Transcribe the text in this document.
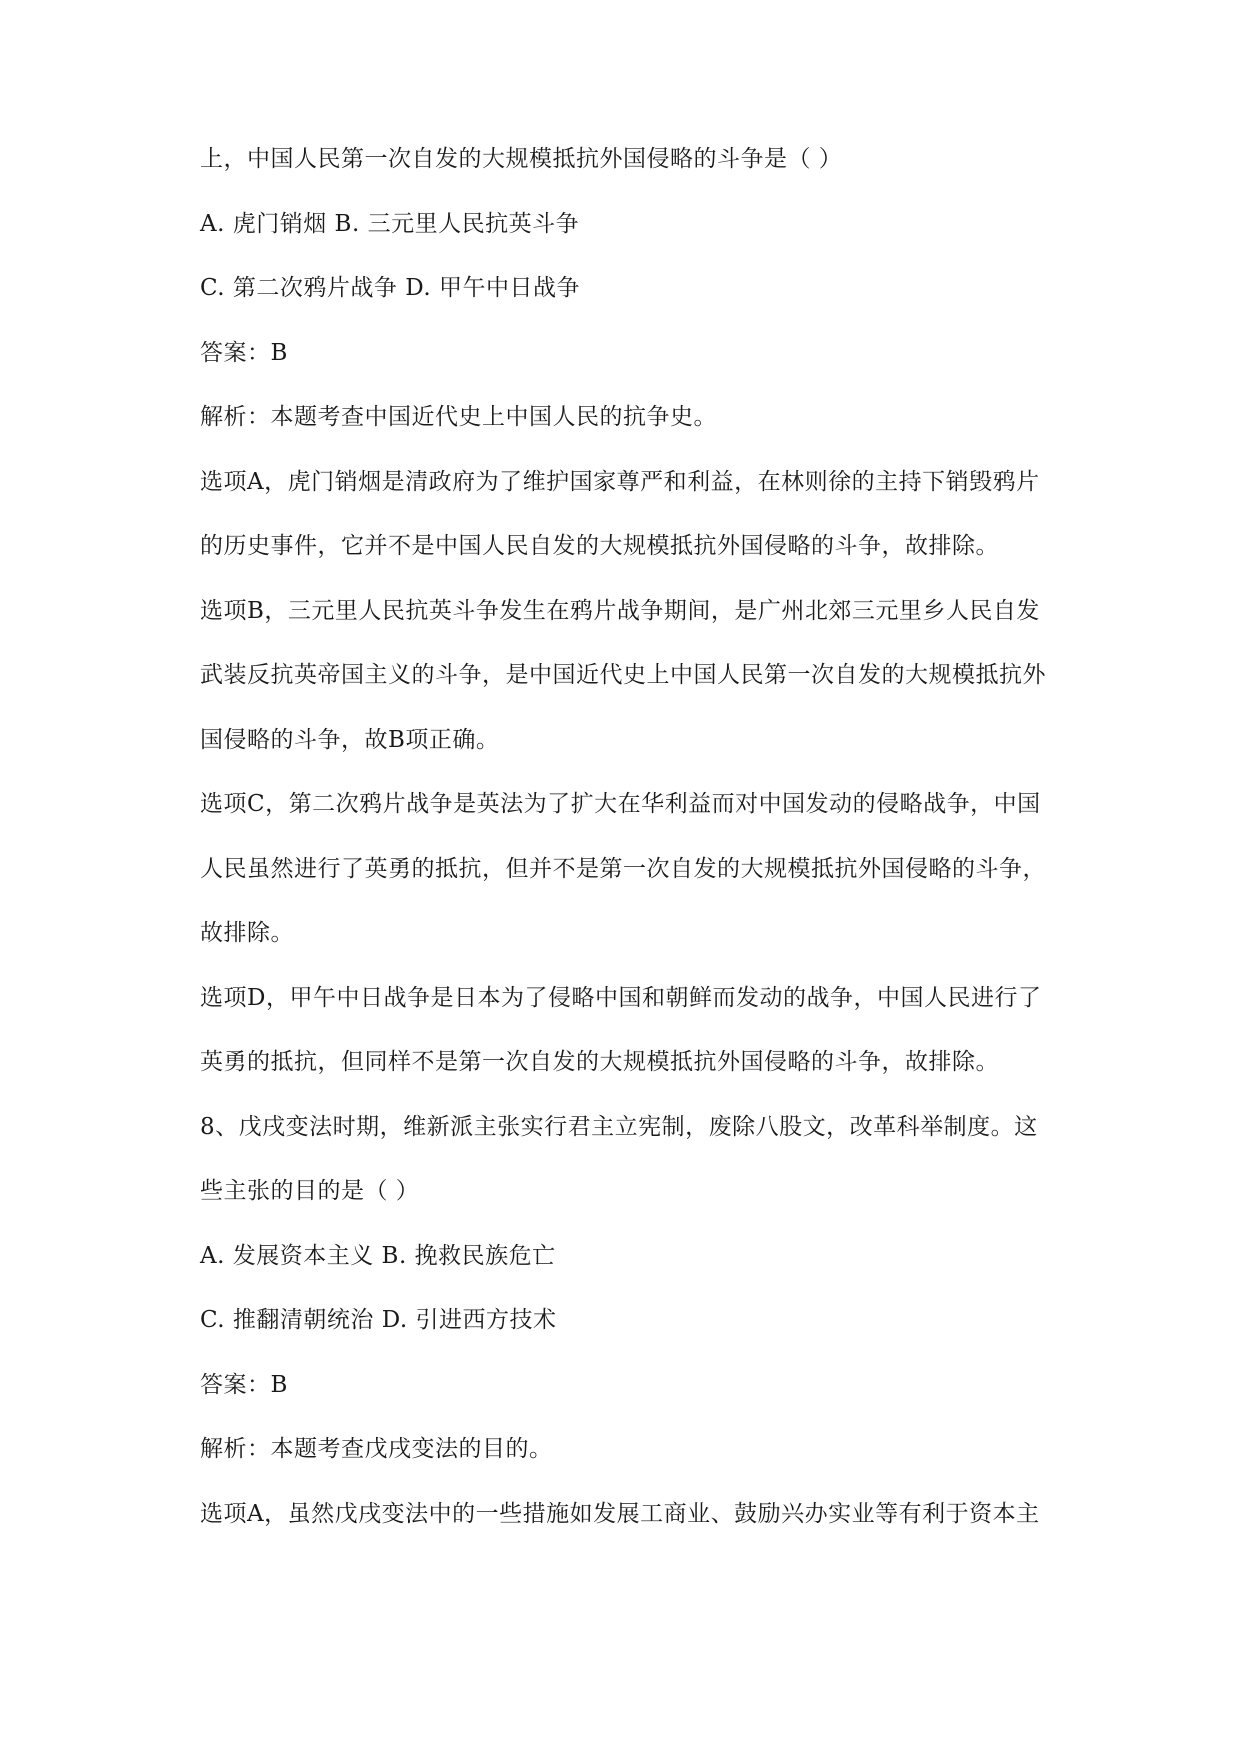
上，中国人民第一次自发的大规模抵抗外国侵略的斗争是（ ）
A. 虎门销烟 B. 三元里人民抗英斗争
C. 第二次鸦片战争 D. 甲午中日战争
答案：B
解析：本题考查中国近代史上中国人民的抗争史。
选项A，虎门销烟是清政府为了维护国家尊严和利益，在林则徐的主持下销毁鸦片
的历史事件，它并不是中国人民自发的大规模抵抗外国侵略的斗争，故排除。
选项B，三元里人民抗英斗争发生在鸦片战争期间，是广州北郊三元里乡人民自发
武装反抗英帝国主义的斗争，是中国近代史上中国人民第一次自发的大规模抵抗外
国侵略的斗争，故B项正确。
选项C，第二次鸦片战争是英法为了扩大在华利益而对中国发动的侵略战争，中国
人民虽然进行了英勇的抵抗，但并不是第一次自发的大规模抵抗外国侵略的斗争，
故排除。
选项D，甲午中日战争是日本为了侵略中国和朝鲜而发动的战争，中国人民进行了
英勇的抵抗，但同样不是第一次自发的大规模抵抗外国侵略的斗争，故排除。
8、戊戌变法时期，维新派主张实行君主立宪制，废除八股文，改革科举制度。这
些主张的目的是（ ）
A. 发展资本主义 B. 挽救民族危亡
C. 推翻清朝统治 D. 引进西方技术
答案：B
解析：本题考查戊戌变法的目的。
选项A，虽然戊戌变法中的一些措施如发展工商业、鼓励兴办实业等有利于资本主
